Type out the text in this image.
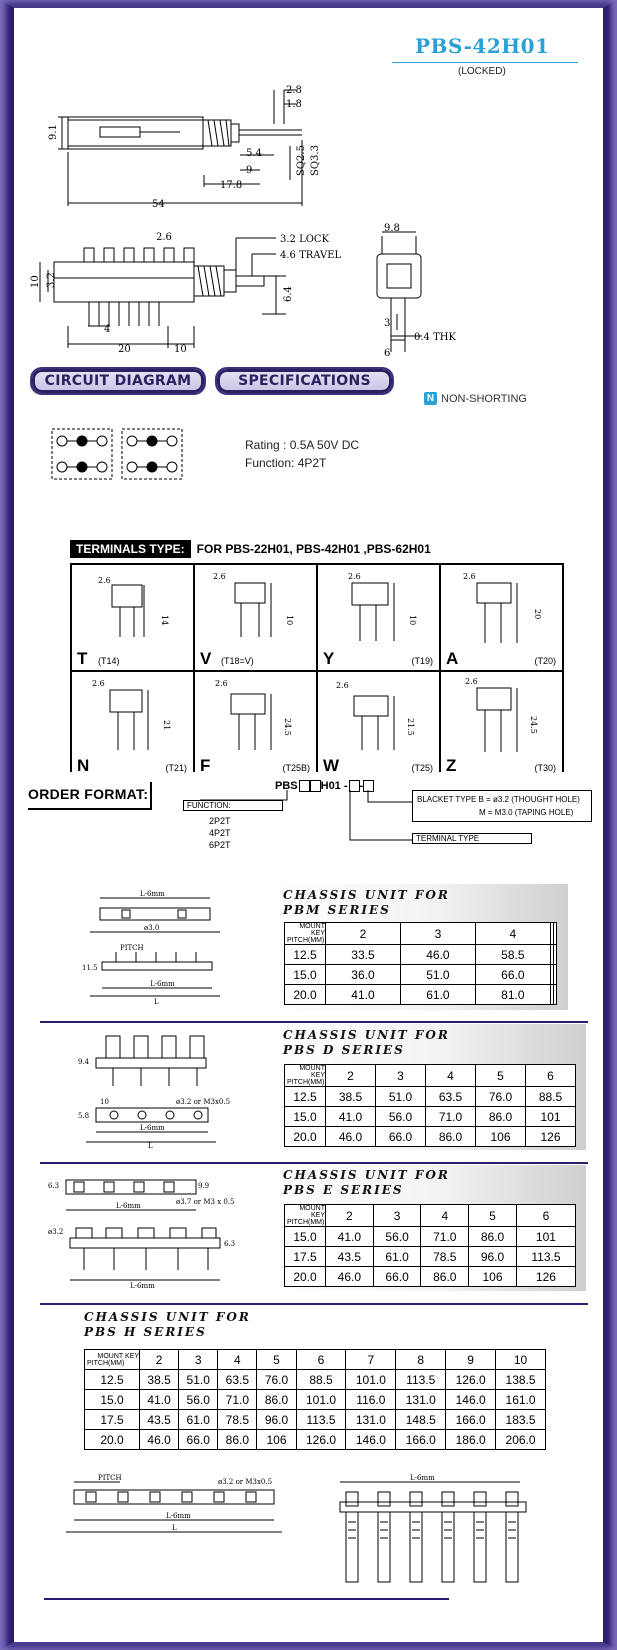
PBS-42H01
(LOCKED)
2.8
1.8
9.1
5.4
9
17.8
54
SQ2.5 SQ3.3
2.6	3.2 LOCK
4.6 TRAVEL
10 3.2
6.4
4
20	10
9.8
3
0.4 THK
6
CIRCUIT DIAGRAM	SPECIFICATIONS
N NON-SHORTING
Rating : 0.5A 50V DC
Function: 4P2T
TERMINALS TYPE:	FOR PBS-22H01, PBS-42H01 ,PBS-62H01
2.6
14
T (T14)
2.6
10
V (T18=V)
2.6
10
Y	(T19)
2.6
20
A	(T20)
2.6
21
N	(T21)
2.6
24.5
F	(T25B)
2.6
21.5
W	(T25)
2.6
24.5
Z	(T30)
ORDER FORMAT:	PBS H01 - -
FUNCTION:
2P2T
4P2T
6P2T
BLACKET TYPE B = ø3.2 (THOUGHT HOLE)
M = M3.0 (TAPING HOLE)
TERMINAL TYPE
L-6mm
ø3.0
PITCH
L-6mm
L
11.5
CHASSIS UNIT FOR
PBM SERIES
MOUNT KEY
PITCH(MM)	2	3	4		
12.5	33.5	46.0	58.5		
15.0	36.0	51.0	66.0		
20.0	41.0	61.0	81.0		
9.4
5.8
10	ø3.2 or M3x0.5
L-6mm
L
CHASSIS UNIT FOR
PBS D SERIES
MOUNT KEY
PITCH(MM)	2	3	4	5	6
12.5	38.5	51.0	63.5	76.0	88.5
15.0	41.0	56.0	71.0	86.0	101
20.0	46.0	66.0	86.0	106	126
6.3	9.9
ø3.7 or M3 x 0.5
L-6mm
ø3.2
6.3
L-6mm
CHASSIS UNIT FOR
PBS E SERIES
MOUNT KEY
PITCH(MM)	2	3	4	5	6
15.0	41.0	56.0	71.0	86.0	101
17.5	43.5	61.0	78.5	96.0	113.5
20.0	46.0	66.0	86.0	106	126
CHASSIS UNIT FOR
PBS H SERIES
MOUNT KEY
PITCH(MM)	2	3	4	5	6	7	8	9	10
12.5	38.5	51.0	63.5	76.0	88.5	101.0	113.5	126.0	138.5
15.0	41.0	56.0	71.0	86.0	101.0	116.0	131.0	146.0	161.0
17.5	43.5	61.0	78.5	96.0	113.5	131.0	148.5	166.0	183.5
20.0	46.0	66.0	86.0	106	126.0	146.0	166.0	186.0	206.0
PITCH	ø3.2 or M3x0.5
L-6mm
L
L-6mm
